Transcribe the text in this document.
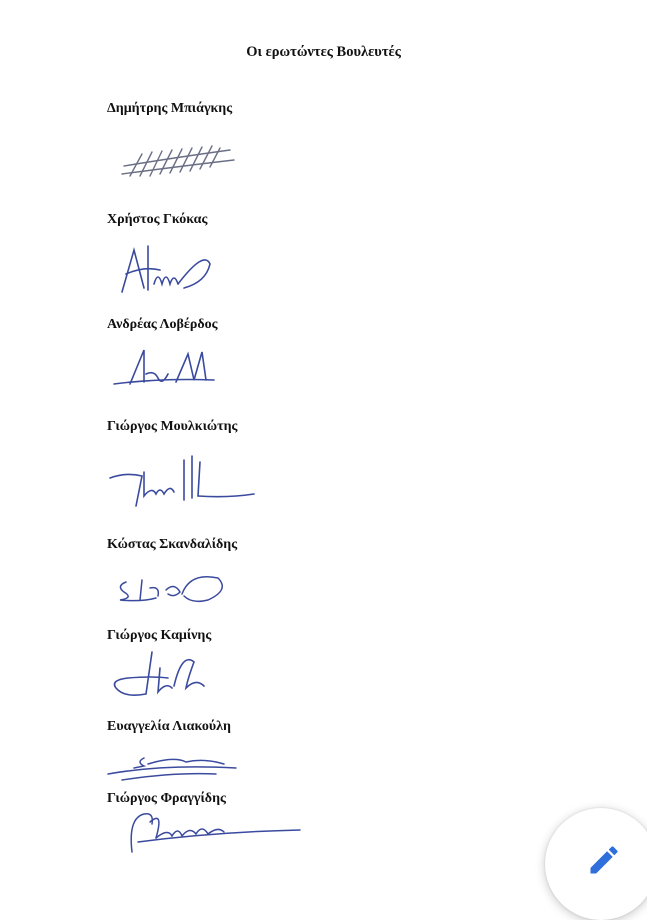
Οι ερωτώντες Βουλευτές
Δημήτρης Μπιάγκης
Χρήστος Γκόκας
Ανδρέας Λοβέρδος
Γιώργος Μουλκιώτης
Κώστας Σκανδαλίδης
Γιώργος Καμίνης
Ευαγγελία Λιακούλη
Γιώργος Φραγγίδης
